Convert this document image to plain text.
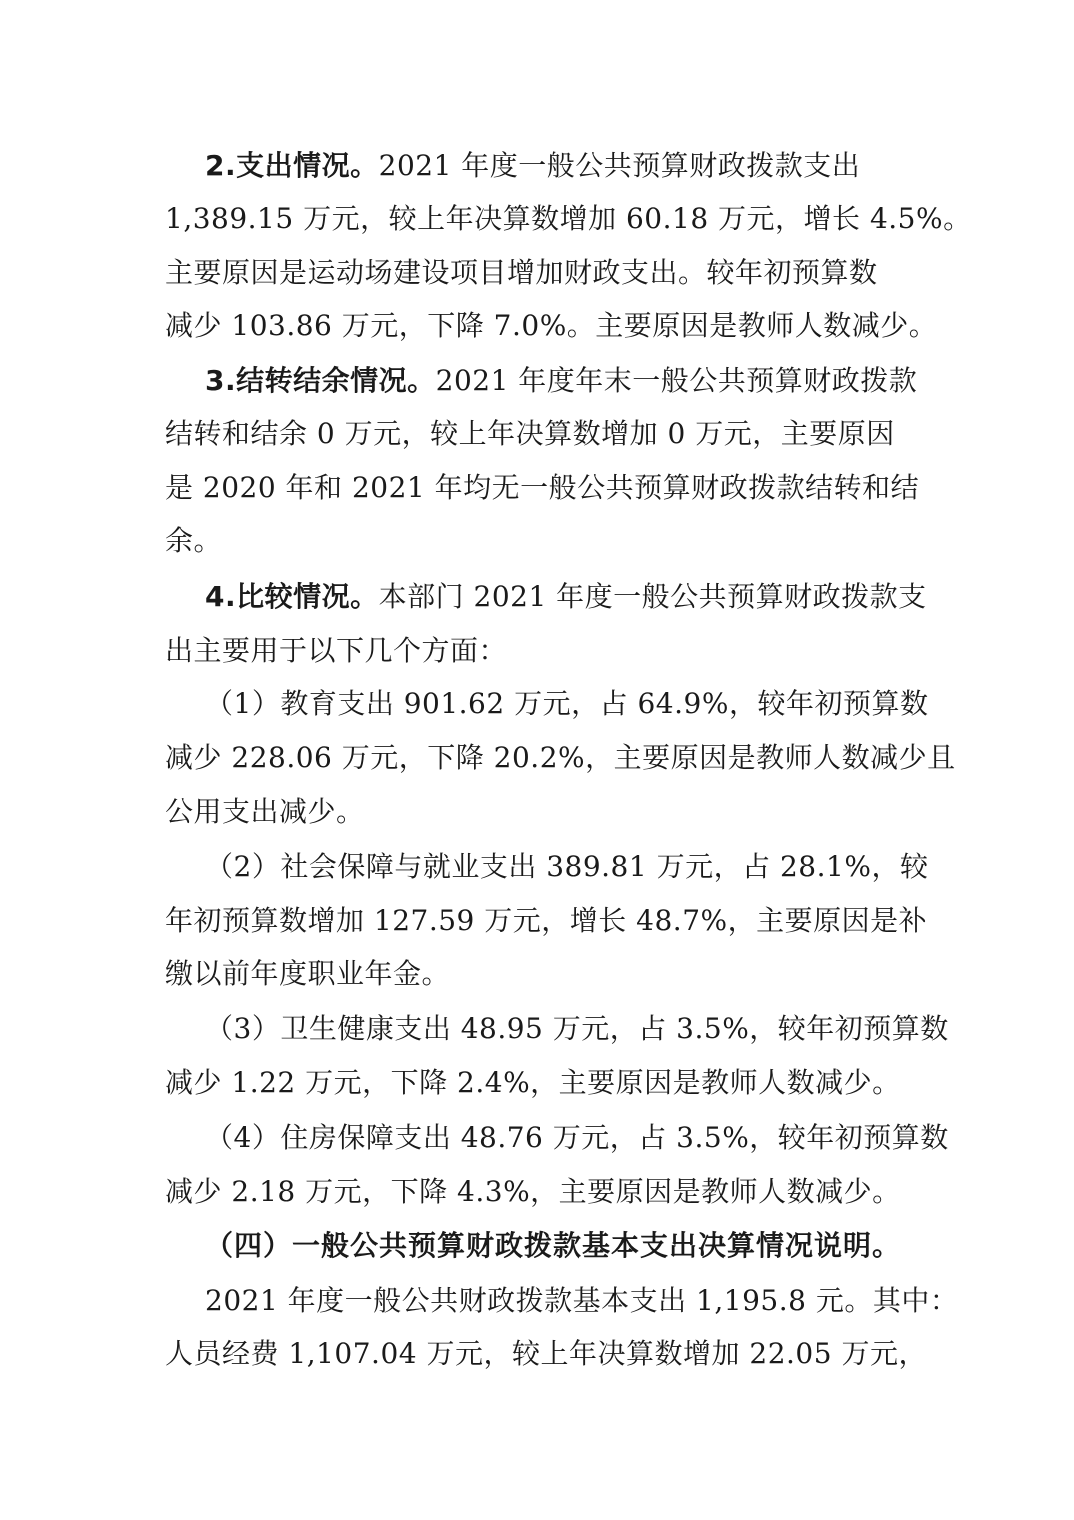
2.支出情况。2021 年度一般公共预算财政拨款支出
1,389.15 万元，较上年决算数增加 60.18 万元，增长 4.5%。
主要原因是运动场建设项目增加财政支出。较年初预算数
减少 103.86 万元，下降 7.0%。主要原因是教师人数减少。
3.结转结余情况。2021 年度年末一般公共预算财政拨款
结转和结余 0 万元，较上年决算数增加 0 万元，主要原因
是 2020 年和 2021 年均无一般公共预算财政拨款结转和结
余。
4.比较情况。本部门 2021 年度一般公共预算财政拨款支
出主要用于以下几个方面：
（1）教育支出 901.62 万元，占 64.9%，较年初预算数
减少 228.06 万元，下降 20.2%，主要原因是教师人数减少且
公用支出减少。
（2）社会保障与就业支出 389.81 万元，占 28.1%，较
年初预算数增加 127.59 万元，增长 48.7%，主要原因是补
缴以前年度职业年金。
（3）卫生健康支出 48.95 万元，占 3.5%，较年初预算数
减少 1.22 万元，下降 2.4%，主要原因是教师人数减少。
（4）住房保障支出 48.76 万元，占 3.5%，较年初预算数
减少 2.18 万元，下降 4.3%，主要原因是教师人数减少。
（四）一般公共预算财政拨款基本支出决算情况说明。
2021 年度一般公共财政拨款基本支出 1,195.8 元。其中：
人员经费 1,107.04 万元，较上年决算数增加 22.05 万元，
